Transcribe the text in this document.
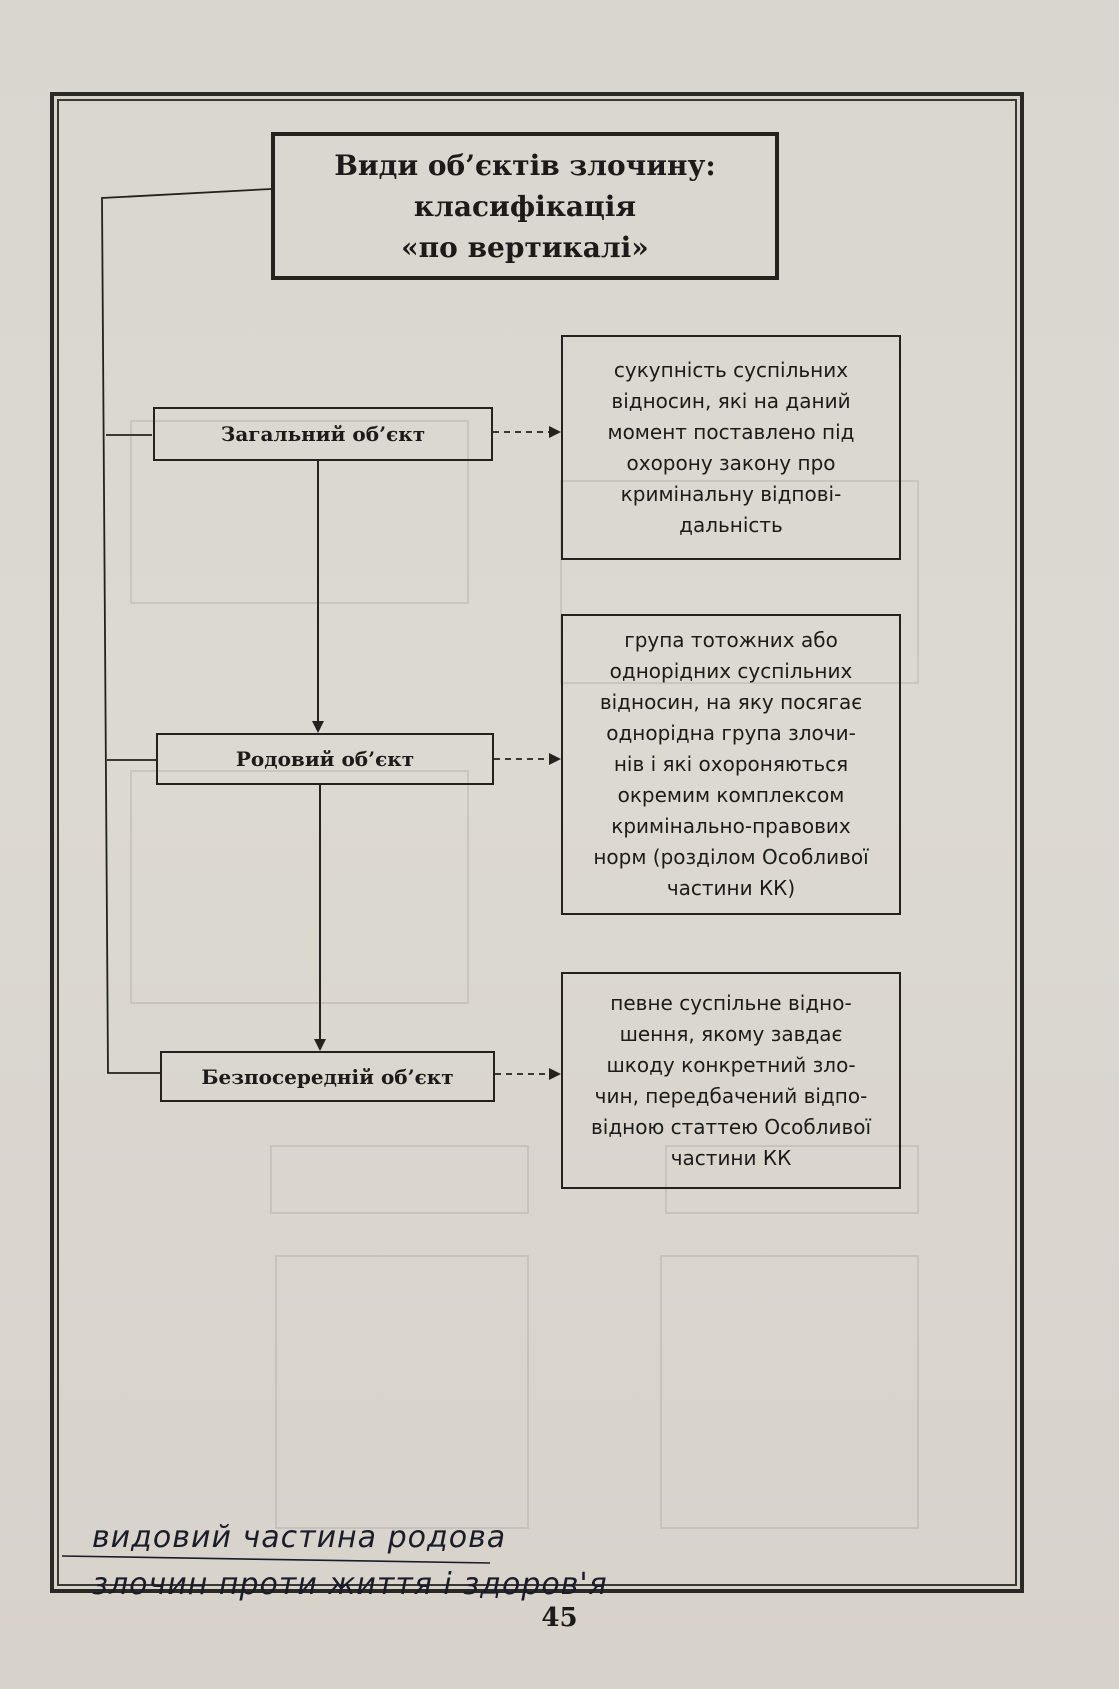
Види об’єктів злочину:
класифікація
«по вертикалі»
Загальний об’єкт
Родовий об’єкт
Безпосередній об’єкт
сукупність суспільних
відносин, які на даний
момент поставлено під
охорону закону про
кримінальну відпові-
дальність
група тотожних або
однорідних суспільних
відносин, на яку посягає
однорідна група злочи-
нів і які охороняються
окремим комплексом
кримінально-правових
норм (розділом Особливої
частини КК)
певне суспільне відно-
шення, якому завдає
шкоду конкретний зло-
чин, передбачений відпо-
відною статтею Особливої
частини КК
видовий частина родова
злочин проти життя і здоров'я
45
